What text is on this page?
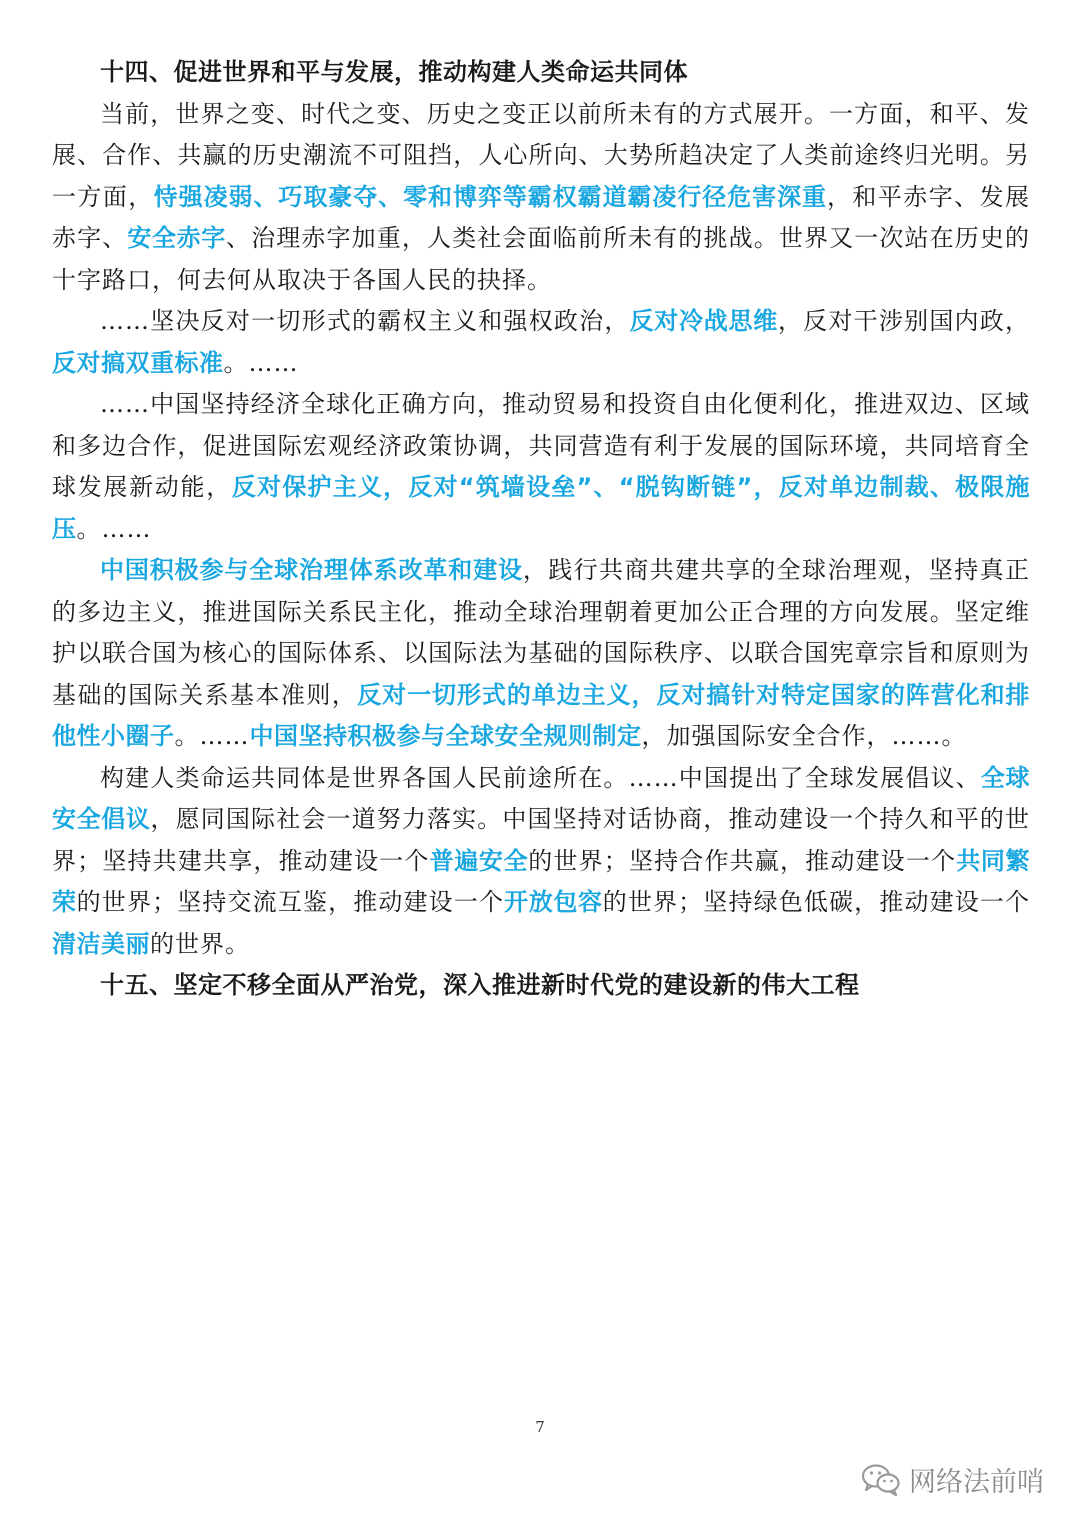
十四、促进世界和平与发展，推动构建人类命运共同体

当前，世界之变、时代之变、历史之变正以前所未有的方式展开。一方面，和平、发展、合作、共赢的历史潮流不可阻挡，人心所向、大势所趋决定了人类前途终归光明。另一方面，恃强凌弱、巧取豪夺、零和博弈等霸权霸道霸凌行径危害深重，和平赤字、发展赤字、安全赤字、治理赤字加重，人类社会面临前所未有的挑战。世界又一次站在历史的十字路口，何去何从取决于各国人民的抉择。

……坚决反对一切形式的霸权主义和强权政治，反对冷战思维，反对干涉别国内政，反对搞双重标准。……

……中国坚持经济全球化正确方向，推动贸易和投资自由化便利化，推进双边、区域和多边合作，促进国际宏观经济政策协调，共同营造有利于发展的国际环境，共同培育全球发展新动能，反对保护主义，反对“筑墙设垒”、“脱钩断链”，反对单边制裁、极限施压。……

中国积极参与全球治理体系改革和建设，践行共商共建共享的全球治理观，坚持真正的多边主义，推进国际关系民主化，推动全球治理朝着更加公正合理的方向发展。坚定维护以联合国为核心的国际体系、以国际法为基础的国际秩序、以联合国宪章宗旨和原则为基础的国际关系基本准则，反对一切形式的单边主义，反对搞针对特定国家的阵营化和排他性小圈子。……中国坚持积极参与全球安全规则制定，加强国际安全合作，……。

构建人类命运共同体是世界各国人民前途所在。……中国提出了全球发展倡议、全球安全倡议，愿同国际社会一道努力落实。中国坚持对话协商，推动建设一个持久和平的世界；坚持共建共享，推动建设一个普遍安全的世界；坚持合作共赢，推动建设一个共同繁荣的世界；坚持交流互鉴，推动建设一个开放包容的世界；坚持绿色低碳，推动建设一个清洁美丽的世界。

十五、坚定不移全面从严治党，深入推进新时代党的建设新的伟大工程

7
网络法前哨
